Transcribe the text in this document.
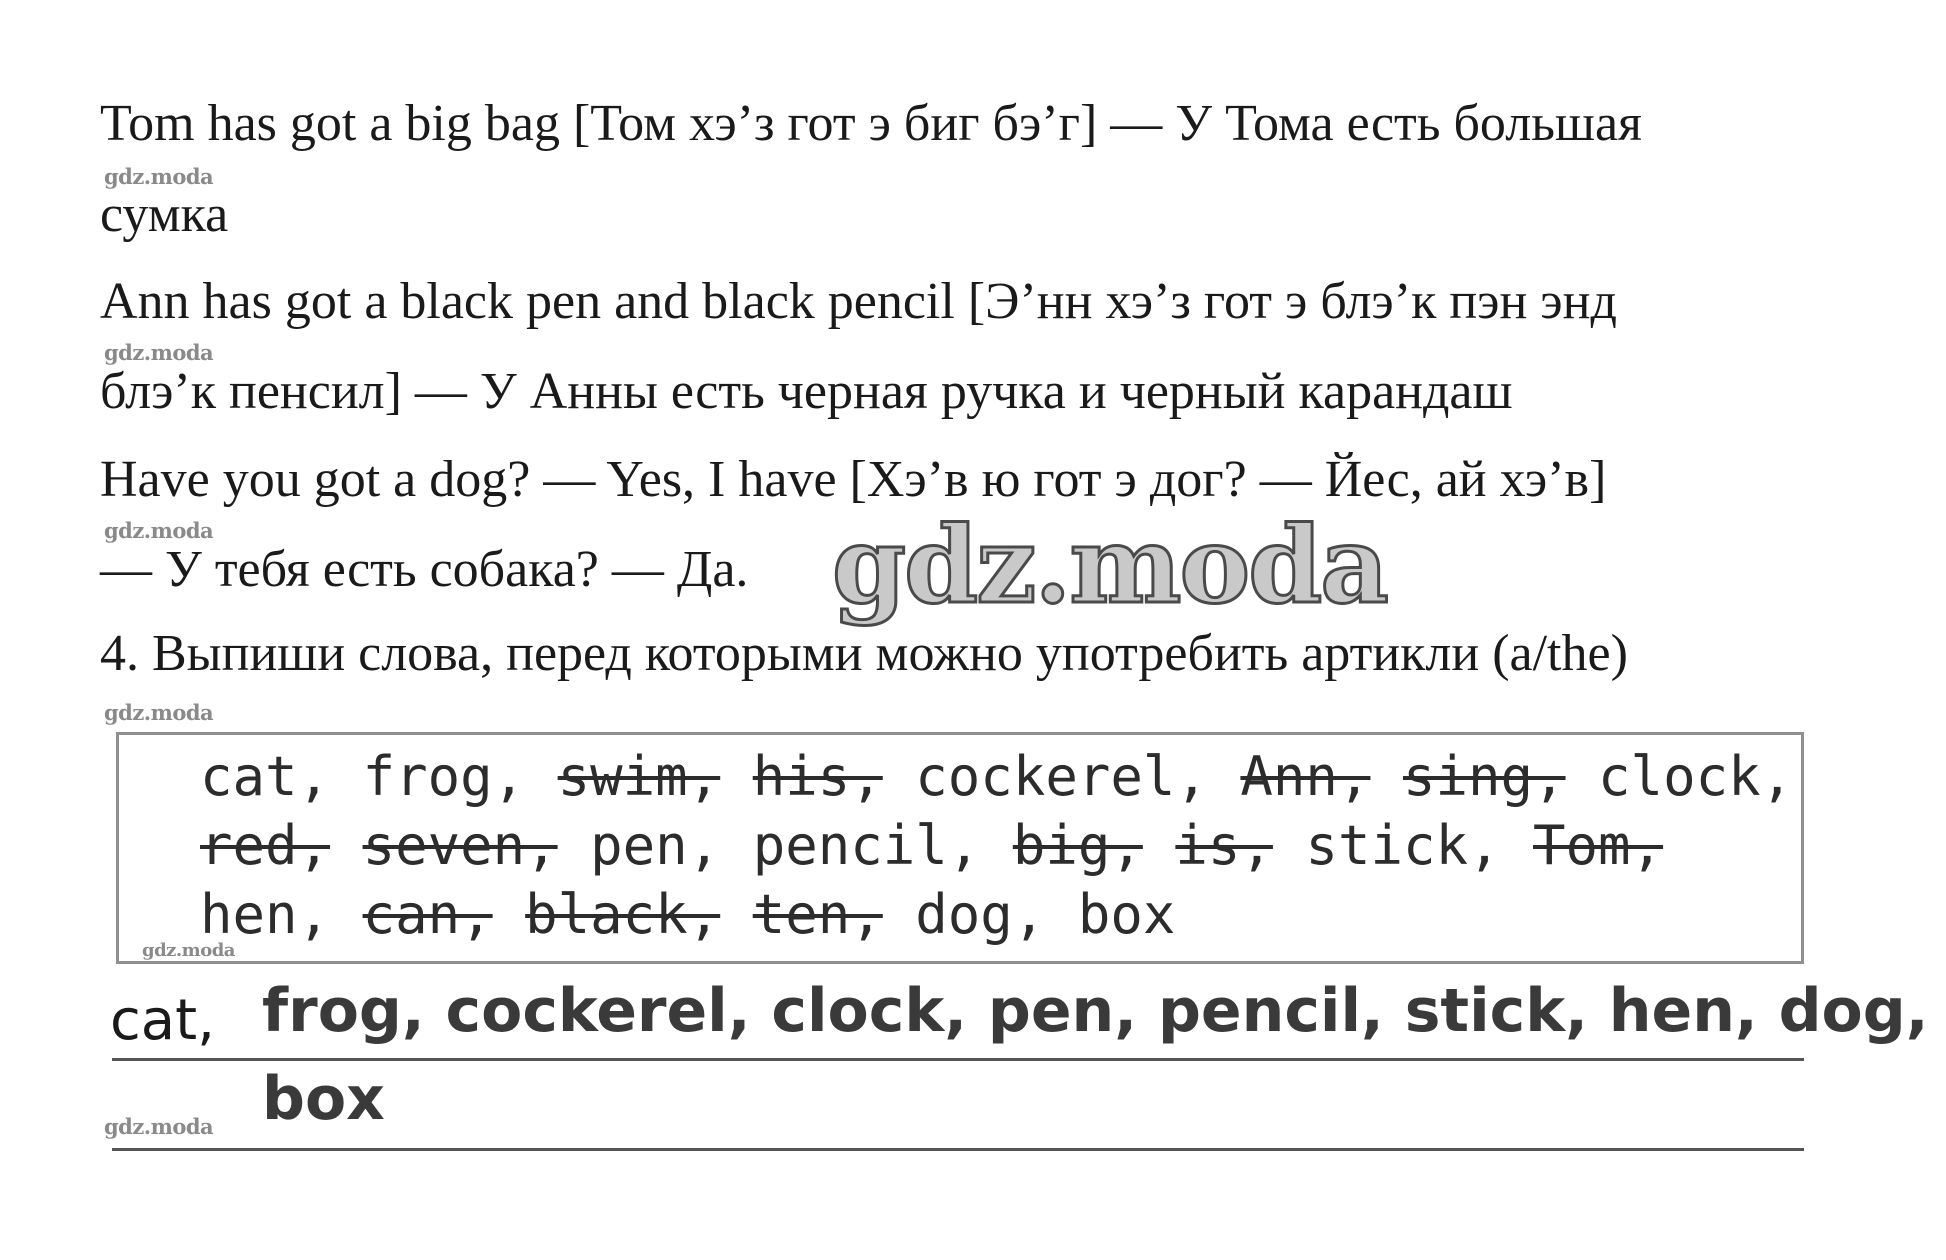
Tom has got a big bag [Том хэ’з гот э биг бэ’г] — У Тома есть большая
gdz.moda
сумка
Ann has got a black pen and black pencil [Э’нн хэ’з гот э блэ’к пэн энд
gdz.moda
блэ’к пенсил] — У Анны есть черная ручка и черный карандаш
Have you got a dog? — Yes, I have [Хэ’в ю гот э дог? — Йес, ай хэ’в]
gdz.moda
— У тебя есть собака? — Да. gdz.moda
4. Выпиши слова, перед которыми можно употребить артикли (a/the)
gdz.moda
cat, frog, swim, his, cockerel, Ann, sing, clock,
red, seven, pen, pencil, big, is, stick, Tom,
hen, can, black, ten, dog, box
gdz.moda
cat, frog, cockerel, clock, pen, pencil, stick, hen, dog,
box
gdz.moda
